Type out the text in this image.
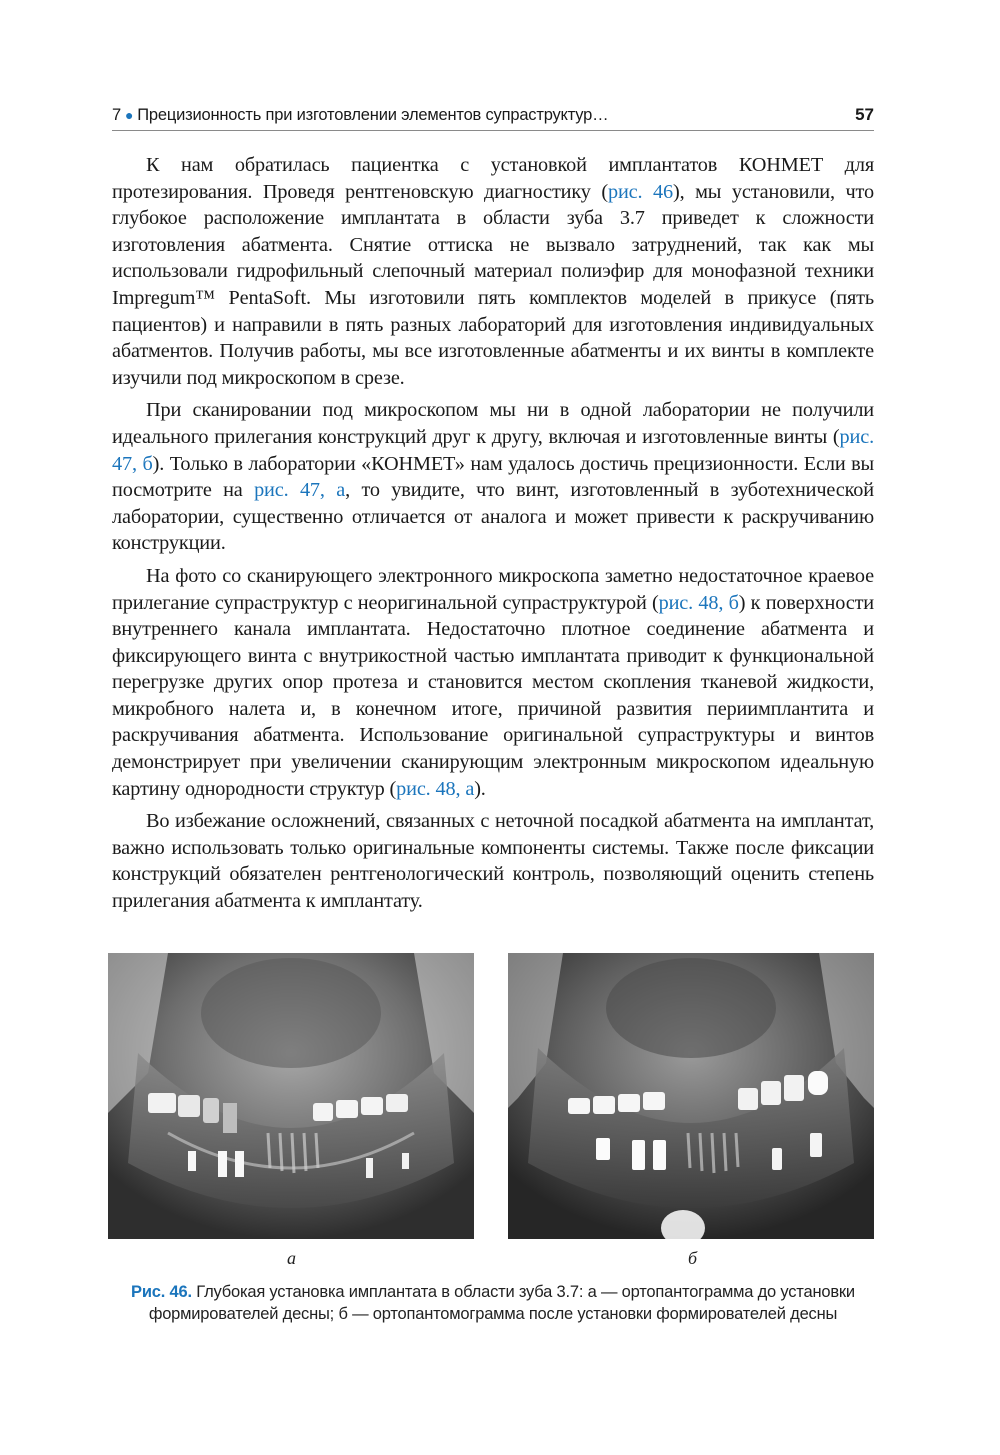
7 ● Прецизионность при изготовлении элементов супраструктур…	57

К нам обратилась пациентка с установкой имплантатов КОНМЕТ для протезирования. Проведя рентгеновскую диагностику (рис. 46), мы установили, что глубокое расположение имплантата в области зуба 3.7 приведет к сложности изготовления абатмента. Снятие оттиска не вызвало затруднений, так как мы использовали гидрофильный слепочный материал полиэфир для монофазной техники Impregum™ PentaSoft. Мы изготовили пять комплектов моделей в прикусе (пять пациентов) и направили в пять разных лабораторий для изготовления индивидуальных абатментов. Получив работы, мы все изготовленные абатменты и их винты в комплекте изучили под микроскопом в срезе.

При сканировании под микроскопом мы ни в одной лаборатории не получили идеального прилегания конструкций друг к другу, включая и изготовленные винты (рис. 47, б). Только в лаборатории «КОНМЕТ» нам удалось достичь прецизионности. Если вы посмотрите на рис. 47, а, то увидите, что винт, изготовленный в зуботехнической лаборатории, существенно отличается от аналога и может привести к раскручиванию конструкции.

На фото со сканирующего электронного микроскопа заметно недостаточное краевое прилегание супраструктур с неоригинальной супраструктурой (рис. 48, б) к поверхности внутреннего канала имплантата. Недостаточно плотное соединение абатмента и фиксирующего винта с внутрикостной частью имплантата приводит к функциональной перегрузке других опор протеза и становится местом скопления тканевой жидкости, микробного налета и, в конечном итоге, причиной развития периимплантита и раскручивания абатмента. Использование оригинальной супраструктуры и винтов демонстрирует при увеличении сканирующим электронным микроскопом идеальную картину однородности структур (рис. 48, а).

Во избежание осложнений, связанных с неточной посадкой абатмента на имплантат, важно использовать только оригинальные компоненты системы. Также после фиксации конструкций обязателен рентгенологический контроль, позволяющий оценить степень прилегания абатмента к имплантату.

а	б
Рис. 46. Глубокая установка имплантата в области зуба 3.7: а — ортопантограмма до установки формирователей десны; б — ортопантомограмма после установки формирователей десны
